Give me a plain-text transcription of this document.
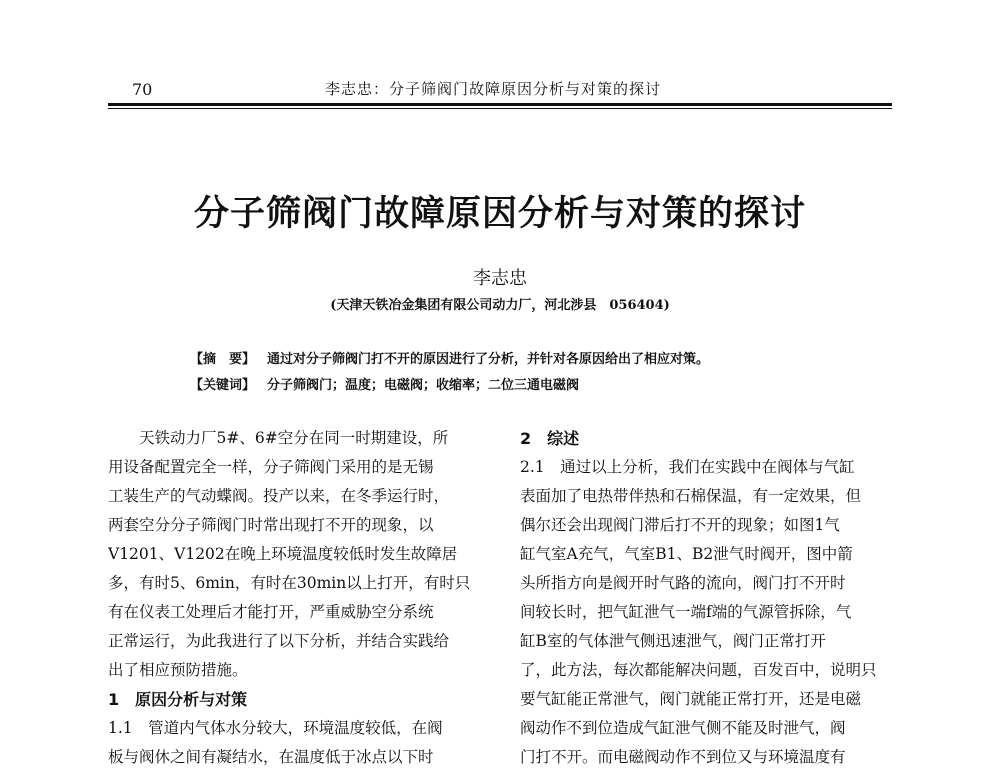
70	李志忠：分子筛阀门故障原因分析与对策的探讨
分子筛阀门故障原因分析与对策的探讨
李志忠
(天津天铁冶金集团有限公司动力厂，河北涉县　056404)
【摘　要】 通过对分子筛阀门打不开的原因进行了分析，并针对各原因给出了相应对策。
【关键词】 分子筛阀门；温度；电磁阀；收缩率；二位三通电磁阀
天铁动力厂5#、6#空分在同一时期建设，所
用设备配置完全一样，分子筛阀门采用的是无锡
工装生产的气动蝶阀。投产以来，在冬季运行时，
两套空分分子筛阀门时常出现打不开的现象，以
V1201、V1202在晚上环境温度较低时发生故障居
多，有时5、6min，有时在30min以上打开，有时只
有在仪表工处理后才能打开，严重威胁空分系统
正常运行，为此我进行了以下分析，并结合实践给
出了相应预防措施。
1　原因分析与对策
1.1　管道内气体水分较大，环境温度较低，在阀
板与阀休之间有凝结水，在温度低于冰点以下时
2　综述
2.1　通过以上分析，我们在实践中在阀体与气缸
表面加了电热带伴热和石棉保温，有一定效果，但
偶尔还会出现阀门滞后打不开的现象；如图1气
缸气室A充气，气室B1、B2泄气时阀开，图中箭
头所指方向是阀开时气路的流向，阀门打不开时
间较长时，把气缸泄气一端f端的气源管拆除，气
缸B室的气体泄气侧迅速泄气，阀门正常打开
了，此方法，每次都能解决问题，百发百中，说明只
要气缸能正常泄气，阀门就能正常打开，还是电磁
阀动作不到位造成气缸泄气侧不能及时泄气，阀
门打不开。而电磁阀动作不到位又与环境温度有
